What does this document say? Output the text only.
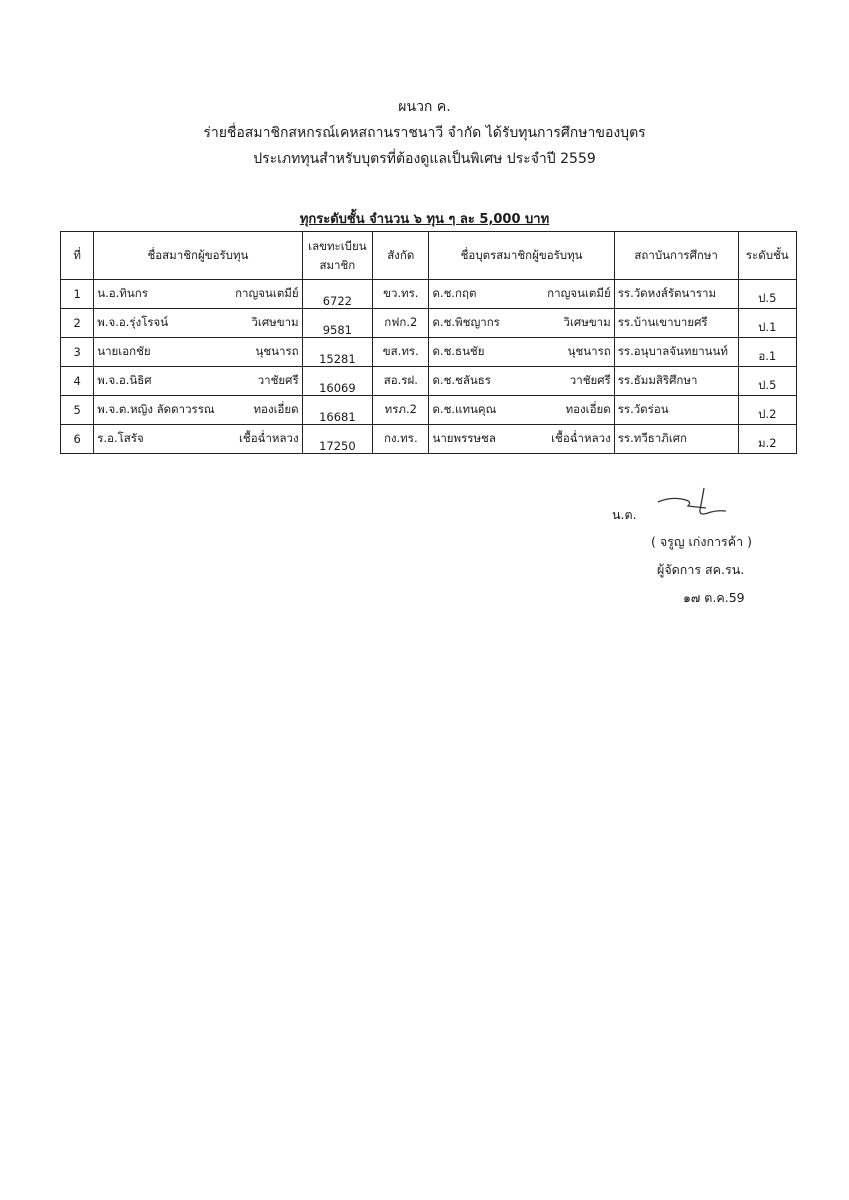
ผนวก ค.
ร่ายชื่อสมาชิกสหกรณ์เคหสถานราชนาวี จำกัด ได้รับทุนการศึกษาของบุตร
ประเภททุนสำหรับบุตรที่ต้องดูแลเป็นพิเศษ ประจำปี 2559
ทุกระดับชั้น จำนวน ๖ ทุน ๆ ละ 5,000 บาท
ที่	ชื่อสมาชิกผู้ขอรับทุน	เลขทะเบียนสมาชิก	สังกัด	ชื่อบุตรสมาชิกผู้ขอรับทุน	สถาบันการศึกษา	ระดับชั้น
1	น.อ.ทินกร กาญจนเตมีย์	6722	ขว.ทร.	ด.ช.กฤต กาญจนเตมีย์	รร.วัดหงส์รัตนาราม	ป.5
2	พ.จ.อ.รุ่งโรจน์ วิเศษขาม	9581	กฟก.2	ด.ช.พิชญากร วิเศษขาม	รร.บ้านเขาบายศรี	ป.1
3	นายเอกชัย นุชนารถ	15281	ขส.ทร.	ด.ช.ธนชัย นุชนารถ	รร.อนุบาลจันทยานนท์	อ.1
4	พ.จ.อ.นิธิศ วาชัยศรี	16069	สอ.รฝ.	ด.ช.ชลันธร วาชัยศรี	รร.ธัมมสิริศึกษา	ป.5
5	พ.จ.ต.หญิง ลัดดาวรรณ ทองเอี่ยด	16681	ทรภ.2	ด.ช.แทนคุณ ทองเอี่ยด	รร.วัดร่อน	ป.2
6	ร.อ.โสรัจ เชื้อฉ่ำหลวง	17250	กง.ทร.	นายพรรษชล เชื้อฉ่ำหลวง	รร.ทวีธาภิเศก	ม.2
น.ต.
( จรูญ เก่งการค้า )
ผู้จัดการ สค.รน.
๑๗ ต.ค.59
